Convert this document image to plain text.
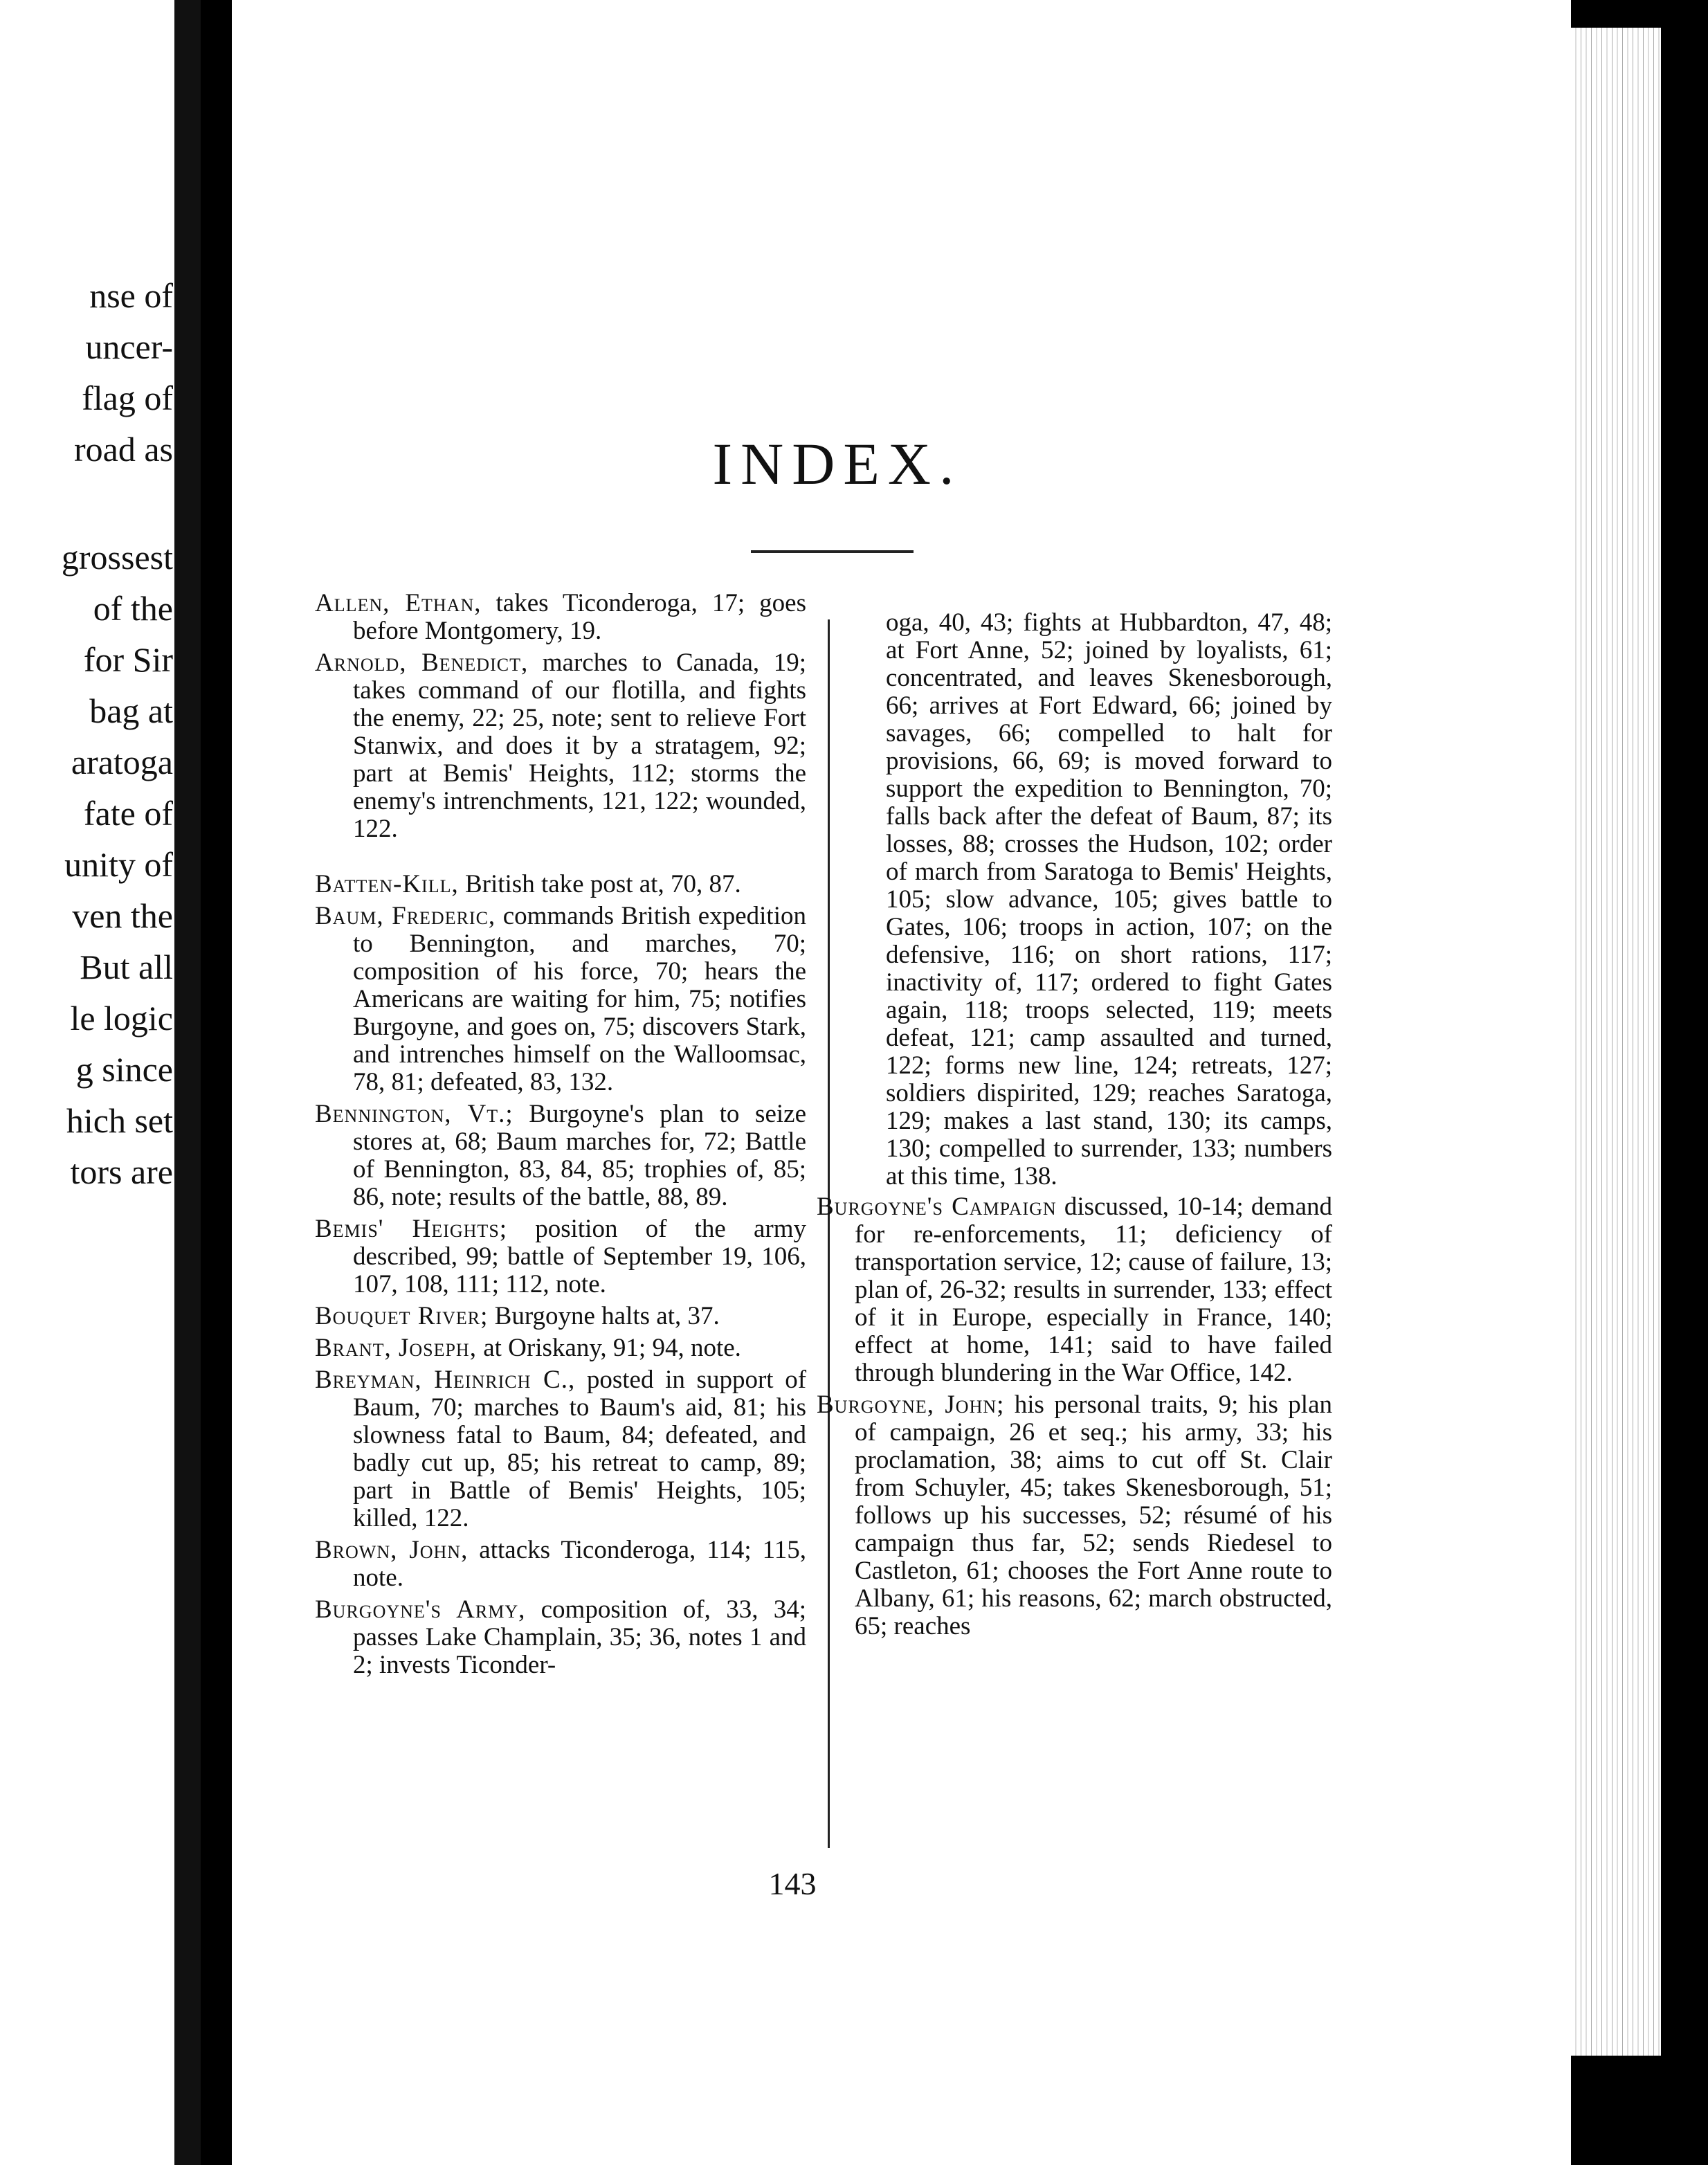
nse of
uncer-
flag of
road as
grossest
of the
for Sir
bag at
aratoga
fate of
unity of
ven the
But all
le logic
g since
hich set
tors are
INDEX.
Allen, Ethan, takes Ticonderoga, 17; goes before Montgomery, 19.
Arnold, Benedict, marches to Canada, 19; takes command of our flotilla, and fights the enemy, 22; 25, note; sent to relieve Fort Stanwix, and does it by a stratagem, 92; part at Bemis' Heights, 112; storms the enemy's intrenchments, 121, 122; wounded, 122.
Batten-Kill, British take post at, 70, 87.
Baum, Frederic, commands British expedition to Bennington, and marches, 70; composition of his force, 70; hears the Americans are waiting for him, 75; notifies Burgoyne, and goes on, 75; discovers Stark, and intrenches himself on the Walloomsac, 78, 81; defeated, 83, 132.
Bennington, Vt.; Burgoyne's plan to seize stores at, 68; Baum marches for, 72; Battle of Bennington, 83, 84, 85; trophies of, 85; 86, note; results of the battle, 88, 89.
Bemis' Heights; position of the army described, 99; battle of September 19, 106, 107, 108, 111; 112, note.
Bouquet River; Burgoyne halts at, 37.
Brant, Joseph, at Oriskany, 91; 94, note.
Breyman, Heinrich C., posted in support of Baum, 70; marches to Baum's aid, 81; his slowness fatal to Baum, 84; defeated, and badly cut up, 85; his retreat to camp, 89; part in Battle of Bemis' Heights, 105; killed, 122.
Brown, John, attacks Ticonderoga, 114; 115, note.
Burgoyne's Army, composition of, 33, 34; passes Lake Champlain, 35; 36, notes 1 and 2; invests Ticonder-
oga, 40, 43; fights at Hubbardton, 47, 48; at Fort Anne, 52; joined by loyalists, 61; concentrated, and leaves Skenesborough, 66; arrives at Fort Edward, 66; joined by savages, 66; compelled to halt for provisions, 66, 69; is moved forward to support the expedition to Bennington, 70; falls back after the defeat of Baum, 87; its losses, 88; crosses the Hudson, 102; order of march from Saratoga to Bemis' Heights, 105; slow advance, 105; gives battle to Gates, 106; troops in action, 107; on the defensive, 116; on short rations, 117; inactivity of, 117; ordered to fight Gates again, 118; troops selected, 119; meets defeat, 121; camp assaulted and turned, 122; forms new line, 124; retreats, 127; soldiers dispirited, 129; reaches Saratoga, 129; makes a last stand, 130; its camps, 130; compelled to surrender, 133; numbers at this time, 138.
Burgoyne's Campaign discussed, 10-14; demand for re-enforcements, 11; deficiency of transportation service, 12; cause of failure, 13; plan of, 26-32; results in surrender, 133; effect of it in Europe, especially in France, 140; effect at home, 141; said to have failed through blundering in the War Office, 142.
Burgoyne, John; his personal traits, 9; his plan of campaign, 26 et seq.; his army, 33; his proclamation, 38; aims to cut off St. Clair from Schuyler, 45; takes Skenesborough, 51; follows up his successes, 52; résumé of his campaign thus far, 52; sends Riedesel to Castleton, 61; chooses the Fort Anne route to Albany, 61; his reasons, 62; march obstructed, 65; reaches
143
